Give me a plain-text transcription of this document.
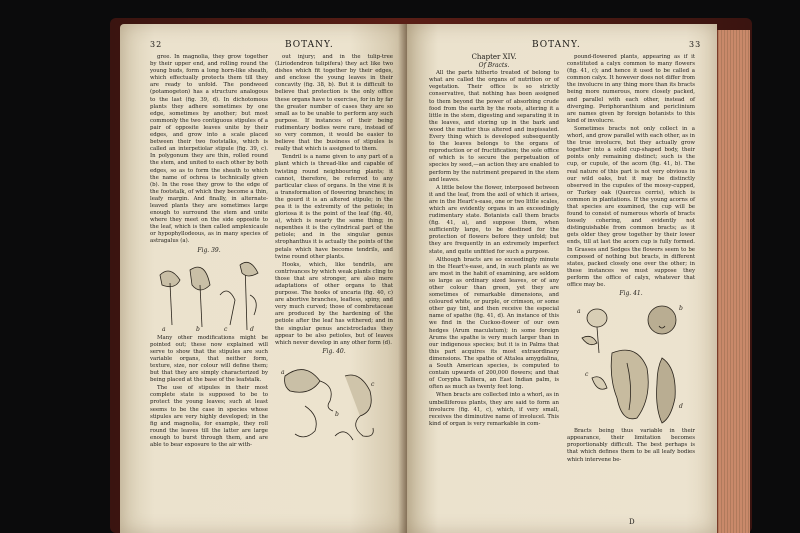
32	BOTANY.

gree. In magnolia, they grow together by their upper end, and rolling round the young buds, form a long horn-like sheath, which effectually protects them till they are ready to unfold. The pondweed (potamogeton) has a structure analogous to the last (fig. 39, d). In dichotomous plants they adhere sometimes by one edge, sometimes by another; but most commonly the two contiguous stipules of a pair of opposite leaves unite by their edges, and grow into a scale placed between their two footstalks, which is called an interpetiolar stipule (fig. 39, c). In polygonum they are thin, rolled round the stem, and united to each other by both edges, so as to form the sheath to which the name of ochrea is technically given (b). In the rose they grow to the edge of the footstalk, of which they become a thin, leafy margin. And finally, in alternate-leaved plants they are sometimes large enough to surround the stem and unite where they meet on the side opposite to the leaf, which is then called amplexicaule or hypophyllodeous, as in many species of astragalus (a).

Fig. 39.

a	b	c	d

Many other modifications might be pointed out; these now explained will serve to show that the stipules are such variable organs, that neither form, texture, size, nor colour will define them; but that they are simply characterized by being placed at the base of the leafstalk.

The use of stipules in their most complete state is supposed to be to protect the young leaves; such at least seems to be the case in species whose stipules are very highly developed; in the fig and magnolia, for example, they roll round the leaves till the latter are large enough to burst through them, and are able to bear exposure to the air with-

out injury; and in the tulip-tree (Liriodendron tulipifera) they act like two dishes which fit together by their edges, and enclose the young leaves in their concavity (fig. 38, b). But it is difficult to believe that protection is the only office these organs have to exercise, for in by far the greater number of cases they are so small as to be unable to perform any such purpose. If instances of their being rudimentary bodies were rare, instead of so very common, it would be easier to believe that the business of stipules is really that which is assigned to them.

Tendril is a name given to any part of a plant which is thread-like and capable of twisting round neighbouring plants; it cannot, therefore, be referred to any particular class of organs. In the vine it is a transformation of flowering branches; in the gourd it is an altered stipule; in the pea it is the extremity of the petiole; in gloriosa it is the point of the leaf (fig. 40, a), which is nearly the same thing; in nepenthes it is the cylindrical part of the petiole; and in the singular genus strophanthus it is actually the points of the petals which have become tendrils, and twine round other plants.

Hooks, which, like tendrils, are contrivances by which weak plants cling to those that are stronger, are also mere adaptations of other organs to that purpose. The hooks of uncaria (fig. 40, c) are abortive branches, leafless, spiny, and very much curved; those of combretaceae are produced by the hardening of the petiole after the leaf has withered; and in the singular genus ancistrocladus they appear to be also petioles, but of leaves which never develop in any other form (d).

Fig. 40.

a
b
c
BOTANY.	33

Chapter XIV.

Of Bracts.

All the parts hitherto treated of belong to what are called the organs of nutrition or of vegetation. Their office is so strictly conservative, that nothing has been assigned to them beyond the power of absorbing crude food from the earth by the roots, altering it a little in the stem, digesting and separating it in the leaves, and storing up in the bark and wood the matter thus altered and inspissated. Every thing which is developed subsequently to the leaves belongs to the organs of reproduction or of fructification; the sole office of which is to secure the perpetuation of species by seed,—an action they are enabled to perform by the nutriment prepared in the stem and leaves.

A little below the flower, interposed between it and the leaf, from the axil of which it arises, are in the Heart's-ease, one or two little scales, which are evidently organs in an exceedingly rudimentary state. Botanists call them bracts (fig. 41, a), and suppose them, when sufficiently large, to be destined for the protection of flowers before they unfold; but they are frequently in an extremely imperfect state, and quite unfitted for such a purpose.

Although bracts are so exceedingly minute in the Heart's-ease, and, in such plants as we are most in the habit of examining, are seldom so large as ordinary sized leaves, or of any other colour than green, yet they are sometimes of remarkable dimensions, and coloured white, or purple, or crimson, or some other gay tint, and then receive the especial name of spathe (fig. 41, d). An instance of this we find in the Cuckoo-flower of our own hedges (Arum maculatum); in some foreign Arums the spathe is very much larger than in our indigenous species; but it is in Palms that this part acquires its most extraordinary dimensions. The spathe of Attalea amygdalina, a South American species, is computed to contain upwards of 200,000 flowers; and that of Corypha Talliera, an East Indian palm, is often as much as twenty feet long.

When bracts are collected into a whorl, as in umbelliferous plants, they are said to form an involucre (fig. 41, c), which, if very small, receives the diminutive name of involucel. This kind of organ is very remarkable in com-

pound-flowered plants, appearing as if it constituted a calyx common to many flowers (fig. 41, c); and hence it used to be called a common calyx. It however does not differ from the involucre in any thing more than its bracts being more numerous, more closely packed, and parallel with each other, instead of diverging. Periphoranthium and periclinium are names given by foreign botanists to this kind of involucre.

Sometimes bracts not only collect in a whorl, and grow parallel with each other, as in the true involucre, but they actually grow together into a solid cup-shaped body, their points only remaining distinct; such is the cup, or cupule, of the acorn (fig. 41, b). The real nature of this part is not very obvious in our wild oaks, but it may be distinctly observed in the cupules of the mossy-cupped, or Turkey oak (Quercus cerris), which is common in plantations. If the young acorns of that species are examined, the cup will be found to consist of numerous whorls of bracts loosely cohering, and evidently not distinguishable from common bracts; as it gets older they grow together by their lower ends, till at last the acorn cup is fully formed. In Grasses and Sedges the flowers seem to be composed of nothing but bracts, in different states, packed closely one over the other; in these instances we must suppose they perform the office of calyx, whatever that office may be.

Fig. 41.

a	b
c
d

Bracts being thus variable in their appearance, their limitation becomes proportionably difficult. The best perhaps is that which defines them to be all leafy bodies which intervene be-

D
